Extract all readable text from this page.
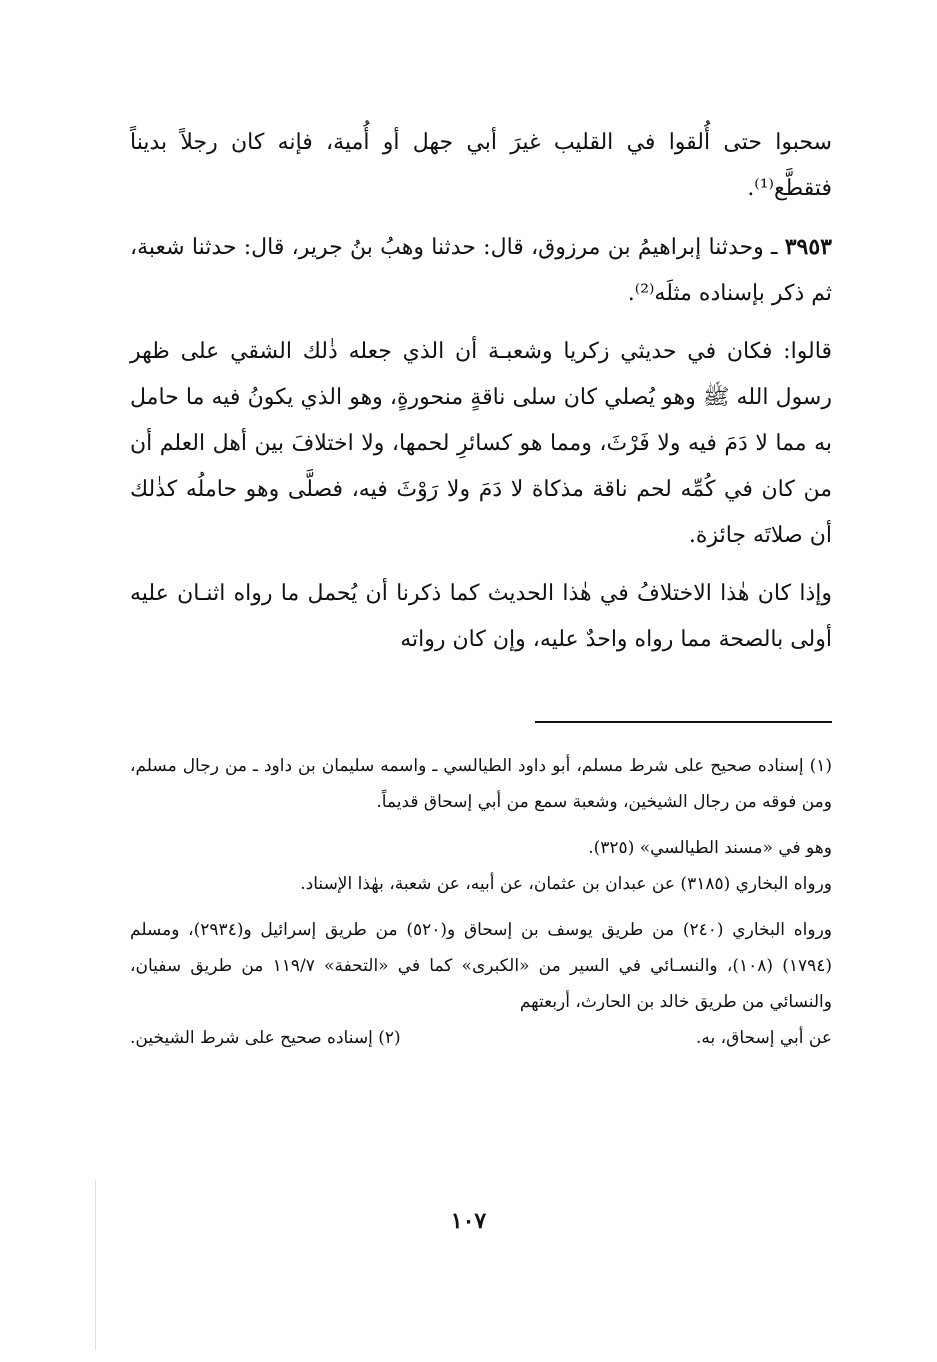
سحبوا حتى أُلقوا في القليب غيرَ أبي جهل أو أُمية، فإنه كان رجلاً بديناً فتقطَّع⁽¹⁾.

٣٩٥٣ ـ وحدثنا إبراهيمُ بن مرزوق، قال: حدثنا وهبُ بنُ جرير، قال: حدثنا شعبة، ثم ذكر بإسناده مثلَه⁽²⁾.

قالوا: فكان في حديثي زكريا وشعبـة أن الذي جعله ذٰلك الشقي على ظهر رسول الله ﷺ وهو يُصلي كان سلى ناقةٍ منحورةٍ، وهو الذي يكونُ فيه ما حامل به مما لا دَمَ فيه ولا فَرْثَ، ومما هو كسائرِ لحمها، ولا اختلافَ بين أهل العلم أن من كان في كُمِّه لحم ناقة مذكاة لا دَمَ ولا رَوْثَ فيه، فصلَّى وهو حاملُه كذٰلك أن صلاتَه جائزة.

وإذا كان هٰذا الاختلافُ في هٰذا الحديث كما ذكرنا أن يُحمل ما رواه اثنـان عليه أولى بالصحة مما رواه واحدٌ عليه، وإن كان رواته

(١) إسناده صحيح على شرط مسلم، أبو داود الطيالسي ـ واسمه سليمان بن داود ـ من رجال مسلم، ومن فوقه من رجال الشيخين، وشعبة سمع من أبي إسحاق قديماً.

وهو في «مسند الطيالسي» (٣٢٥).

ورواه البخاري (٣١٨٥) عن عبدان بن عثمان، عن أبيه، عن شعبة، بهٰذا الإسناد.

ورواه البخاري (٢٤٠) من طريق يوسف بن إسحاق و(٥٢٠) من طريق إسرائيل و(٢٩٣٤)، ومسلم (١٧٩٤) (١٠٨)، والنسـائي في السير من «الكبرى» كما في «التحفة» ١١٩/٧ من طريق سفيان، والنسائي من طريق خالد بن الحارث، أربعتهم

عن أبي إسحاق، به.
(٢) إسناده صحيح على شرط الشيخين.
١٠٧
